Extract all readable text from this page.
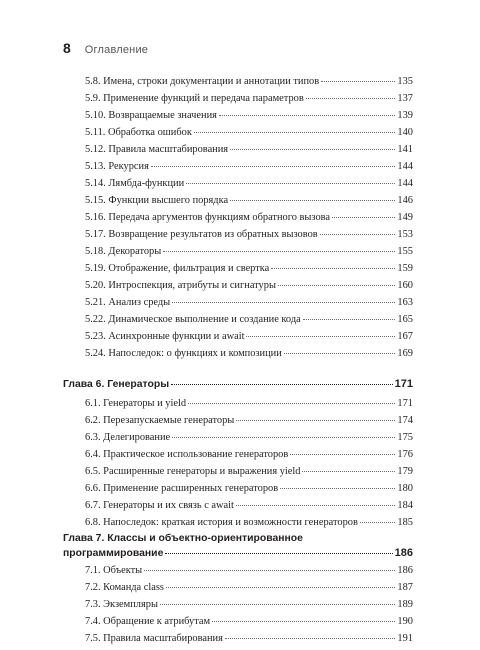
8 Оглавление
5.8. Имена, строки документации и аннотации типов	135
5.9. Применение функций и передача параметров	137
5.10. Возвращаемые значения	139
5.11. Обработка ошибок	140
5.12. Правила масштабирования	141
5.13. Рекурсия	144
5.14. Лямбда-функции	144
5.15. Функции высшего порядка	146
5.16. Передача аргументов функциям обратного вызова	149
5.17. Возвращение результатов из обратных вызовов	153
5.18. Декораторы	155
5.19. Отображение, фильтрация и свертка	159
5.20. Интроспекция, атрибуты и сигнатуры	160
5.21. Анализ среды	163
5.22. Динамическое выполнение и создание кода	165
5.23. Асинхронные функции и await	167
5.24. Напоследок: о функциях и композиции	169
Глава 6. Генераторы	171
6.1. Генераторы и yield	171
6.2. Перезапускаемые генераторы	174
6.3. Делегирование	175
6.4. Практическое использование генераторов	176
6.5. Расширенные генераторы и выражения yield	179
6.6. Применение расширенных генераторов	180
6.7. Генераторы и их связь с await	184
6.8. Напоследок: краткая история и возможности генераторов	185
Глава 7. Классы и объектно-ориентированное
программирование	186
7.1. Объекты	186
7.2. Команда class	187
7.3. Экземпляры	189
7.4. Обращение к атрибутам	190
7.5. Правила масштабирования	191
